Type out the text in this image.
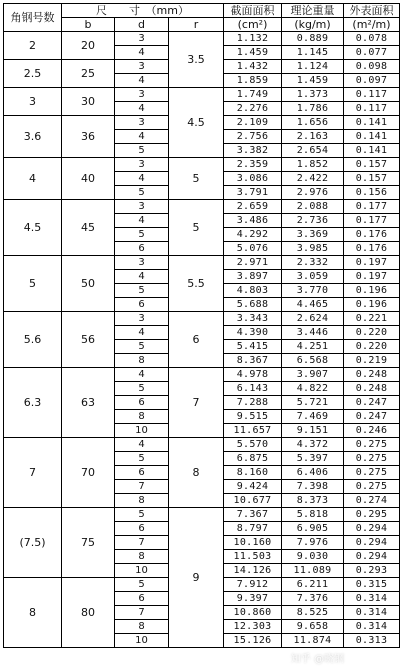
角钢号数	尺　　寸　（mm）			截面面积	理论重量	外表面积
	b	d	r	(cm²)	(kg/m)	(m²/m)
2	20	3	3.5	1.132	0.889	0.078
		4		1.459	1.145	0.077
2.5	25	3		1.432	1.124	0.098
		4		1.859	1.459	0.097
3	30	3	4.5	1.749	1.373	0.117
		4		2.276	1.786	0.117
3.6	36	3		2.109	1.656	0.141
		4		2.756	2.163	0.141
		5		3.382	2.654	0.141
4	40	3	5	2.359	1.852	0.157
		4		3.086	2.422	0.157
		5		3.791	2.976	0.156
4.5	45	3	5	2.659	2.088	0.177
		4		3.486	2.736	0.177
		5		4.292	3.369	0.176
		6		5.076	3.985	0.176
5	50	3	5.5	2.971	2.332	0.197
		4		3.897	3.059	0.197
		5		4.803	3.770	0.196
		6		5.688	4.465	0.196
5.6	56	3	6	3.343	2.624	0.221
		4		4.390	3.446	0.220
		5		5.415	4.251	0.220
		8		8.367	6.568	0.219
6.3	63	4	7	4.978	3.907	0.248
		5		6.143	4.822	0.248
		6		7.288	5.721	0.247
		8		9.515	7.469	0.247
		10		11.657	9.151	0.246
7	70	4	8	5.570	4.372	0.275
		5		6.875	5.397	0.275
		6		8.160	6.406	0.275
		7		9.424	7.398	0.275
		8		10.677	8.373	0.274
(7.5)	75	5	9	7.367	5.818	0.295
		6		8.797	6.905	0.294
		7		10.160	7.976	0.294
		8		11.503	9.030	0.294
		10		14.126	11.089	0.293
8	80	5		7.912	6.211	0.315
		6		9.397	7.376	0.314
		7		10.860	8.525	0.314
		8		12.303	9.658	0.314
		10		15.126	11.874	0.313
知乎 @晓钢
